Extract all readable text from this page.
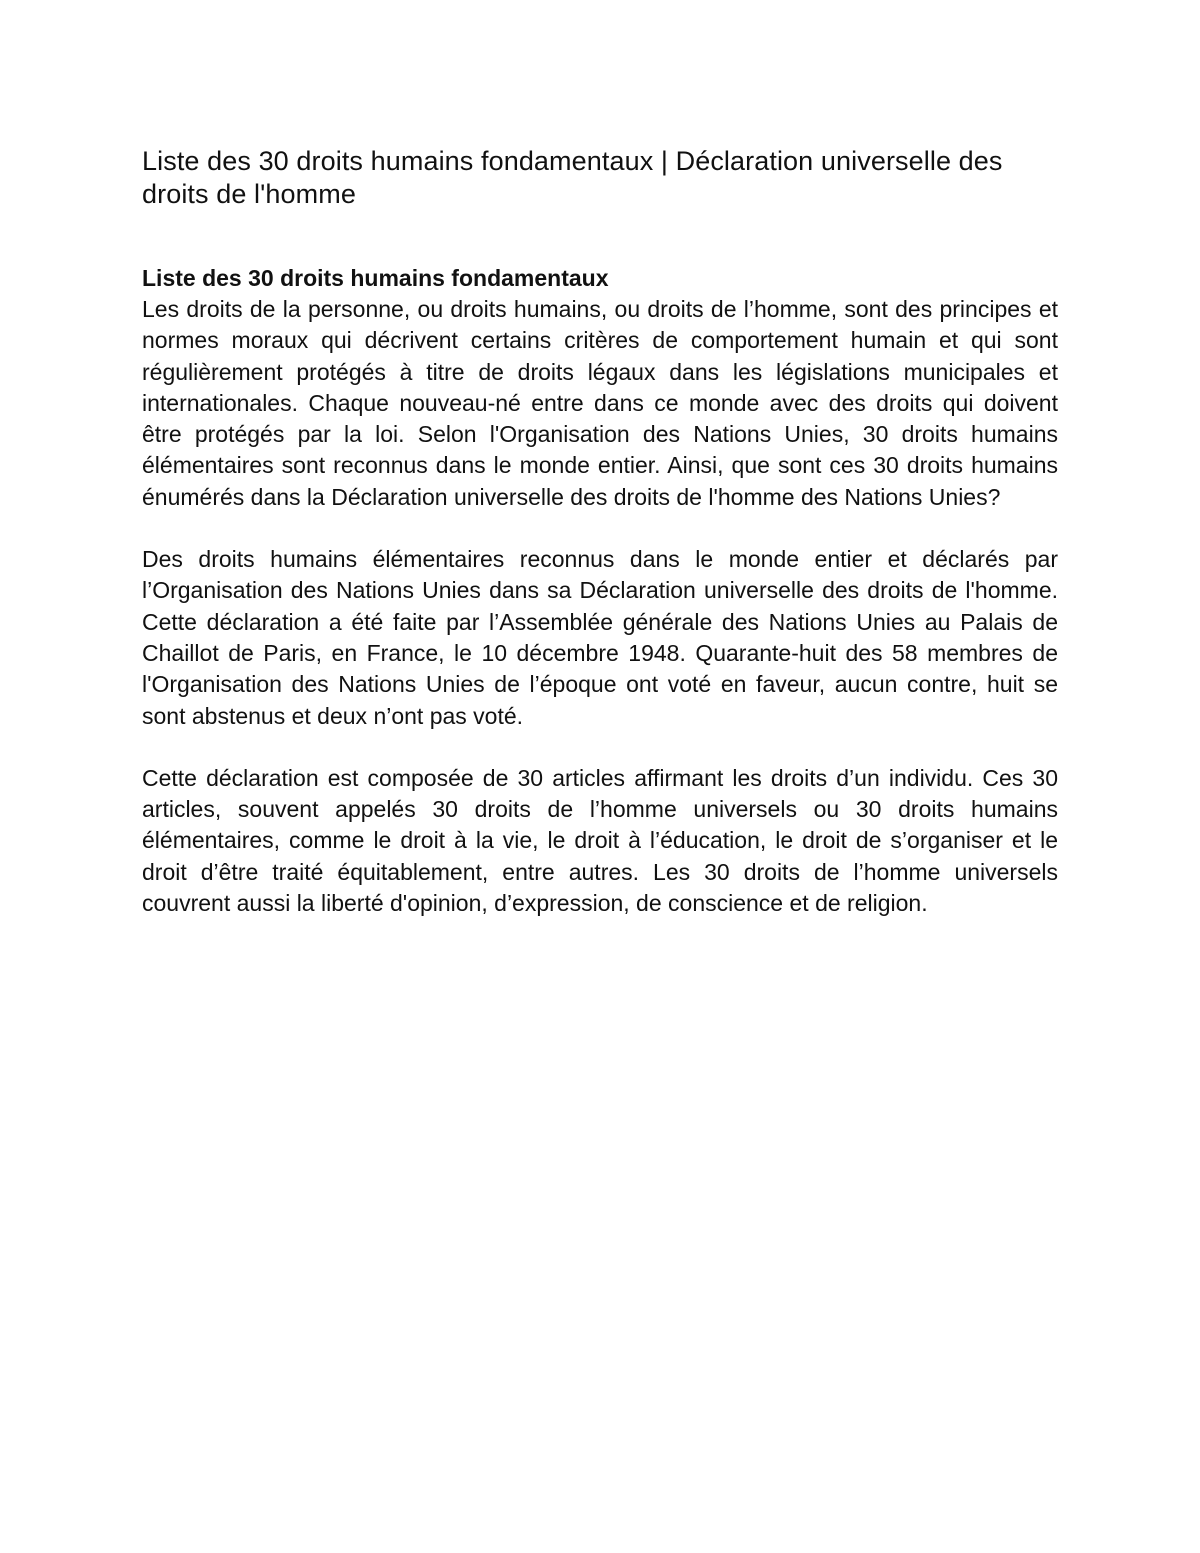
Liste des 30 droits humains fondamentaux | Déclaration universelle des droits de l'homme
Liste des 30 droits humains fondamentaux

Les droits de la personne, ou droits humains, ou droits de l’homme, sont des principes et normes moraux qui décrivent certains critères de comportement humain et qui sont régulièrement protégés à titre de droits légaux dans les législations municipales et internationales. Chaque nouveau-né entre dans ce monde avec des droits qui doivent être protégés par la loi. Selon l'Organisation des Nations Unies, 30 droits humains élémentaires sont reconnus dans le monde entier. Ainsi, que sont ces 30 droits humains énumérés dans la Déclaration universelle des droits de l'homme des Nations Unies?

Des droits humains élémentaires reconnus dans le monde entier et déclarés par l’Organisation des Nations Unies dans sa Déclaration universelle des droits de l'homme. Cette déclaration a été faite par l’Assemblée générale des Nations Unies au Palais de Chaillot de Paris, en France, le 10 décembre 1948. Quarante-huit des 58 membres de l'Organisation des Nations Unies de l’époque ont voté en faveur, aucun contre, huit se sont abstenus et deux n’ont pas voté.

Cette déclaration est composée de 30 articles affirmant les droits d’un individu. Ces 30 articles, souvent appelés 30 droits de l’homme universels ou 30 droits humains élémentaires, comme le droit à la vie, le droit à l’éducation, le droit de s’organiser et le droit d’être traité équitablement, entre autres. Les 30 droits de l’homme universels couvrent aussi la liberté d'opinion, d’expression, de conscience et de religion.
